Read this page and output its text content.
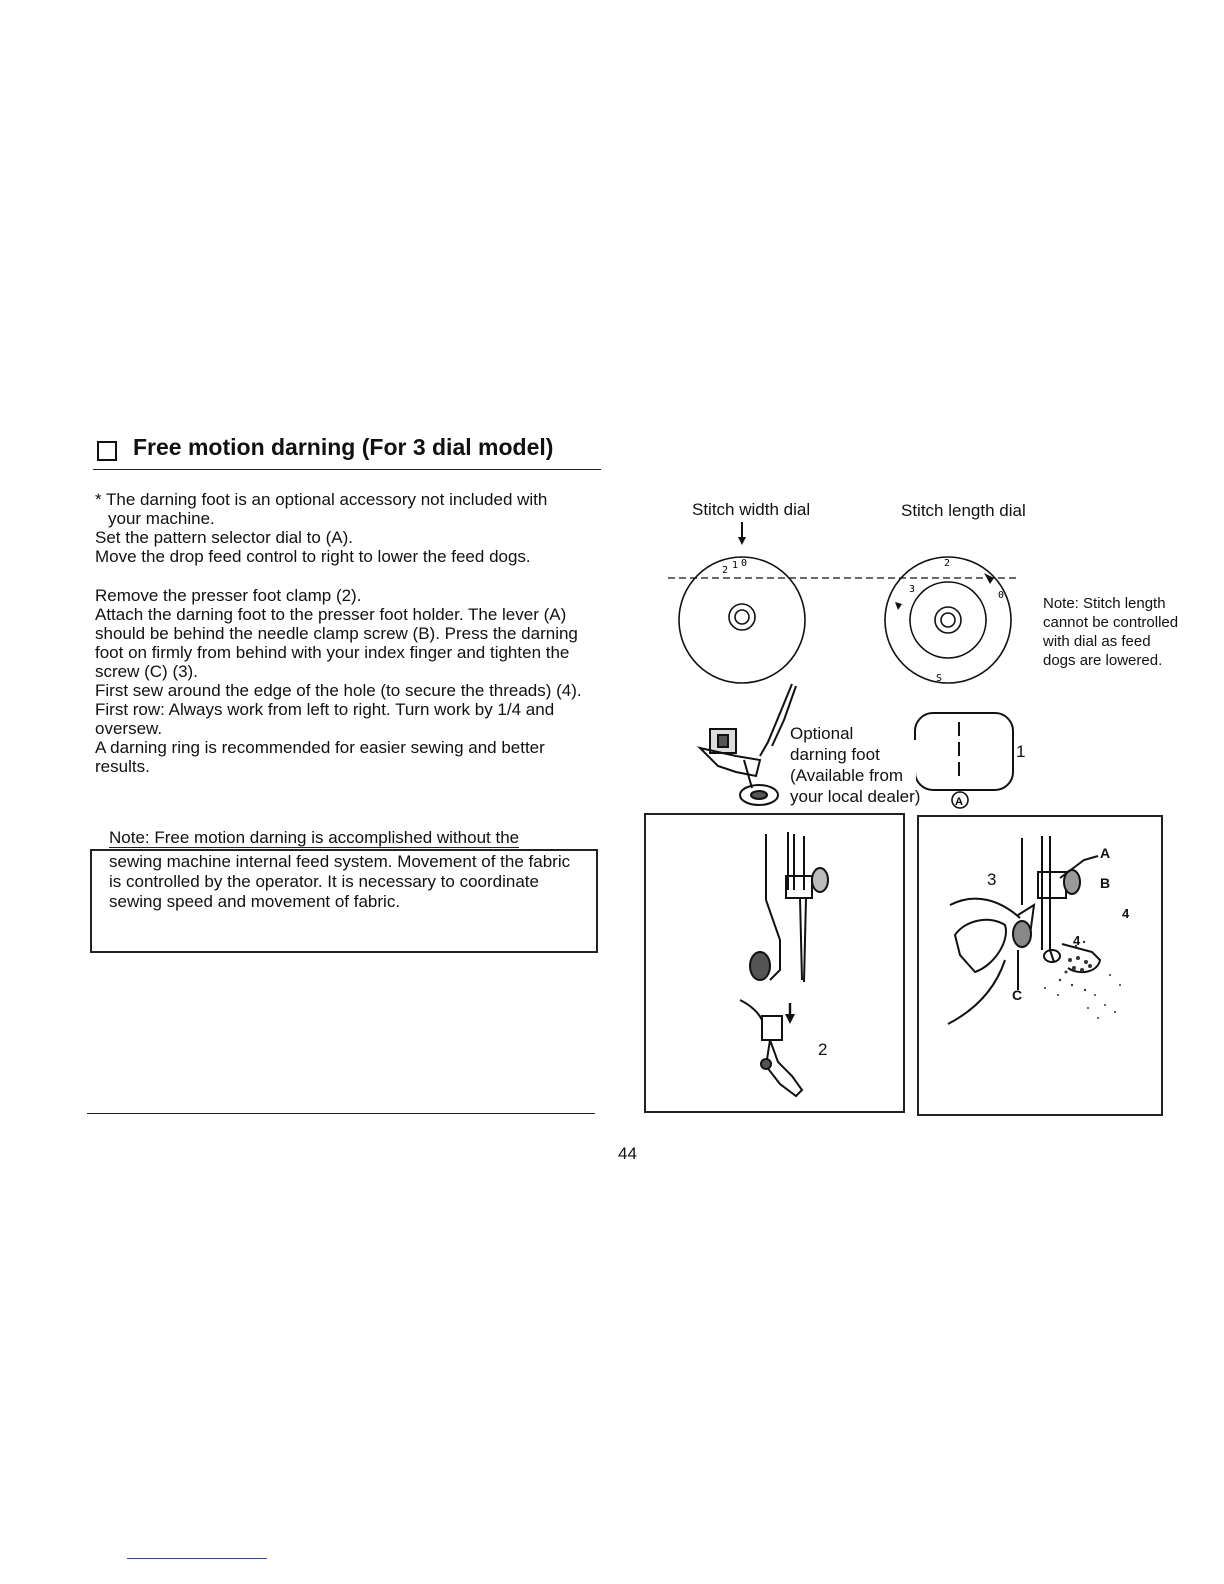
Free motion darning (For 3 dial model)

* The darning foot is an optional accessory not included with

your machine.

Set the pattern selector dial to (A).

Move the drop feed control to right to lower the feed dogs.

Remove the presser foot clamp (2).

Attach the darning foot to the presser foot holder. The lever (A) should be behind the needle clamp screw (B). Press the darning foot on firmly from behind with your index finger and tighten the screw (C) (3).

First sew around the edge of the hole (to secure the threads) (4). First row: Always work from left to right. Turn work by 1/4 and oversew.

A darning ring is recommended for easier sewing and better results.

Note: Free motion darning is accomplished without the
sewing machine internal feed system. Movement of the fabric is controlled by the operator. It is necessary to coordinate sewing speed and movement of fabric.
44
Stitch width dial	Stitch length dial
Note: Stitch length cannot be controlled with dial as feed dogs are lowered.
2 1 0
3
2
0
S
A
1
2
3
4
4
A
B
C
Optional
darning foot
(Available from
your local dealer)
